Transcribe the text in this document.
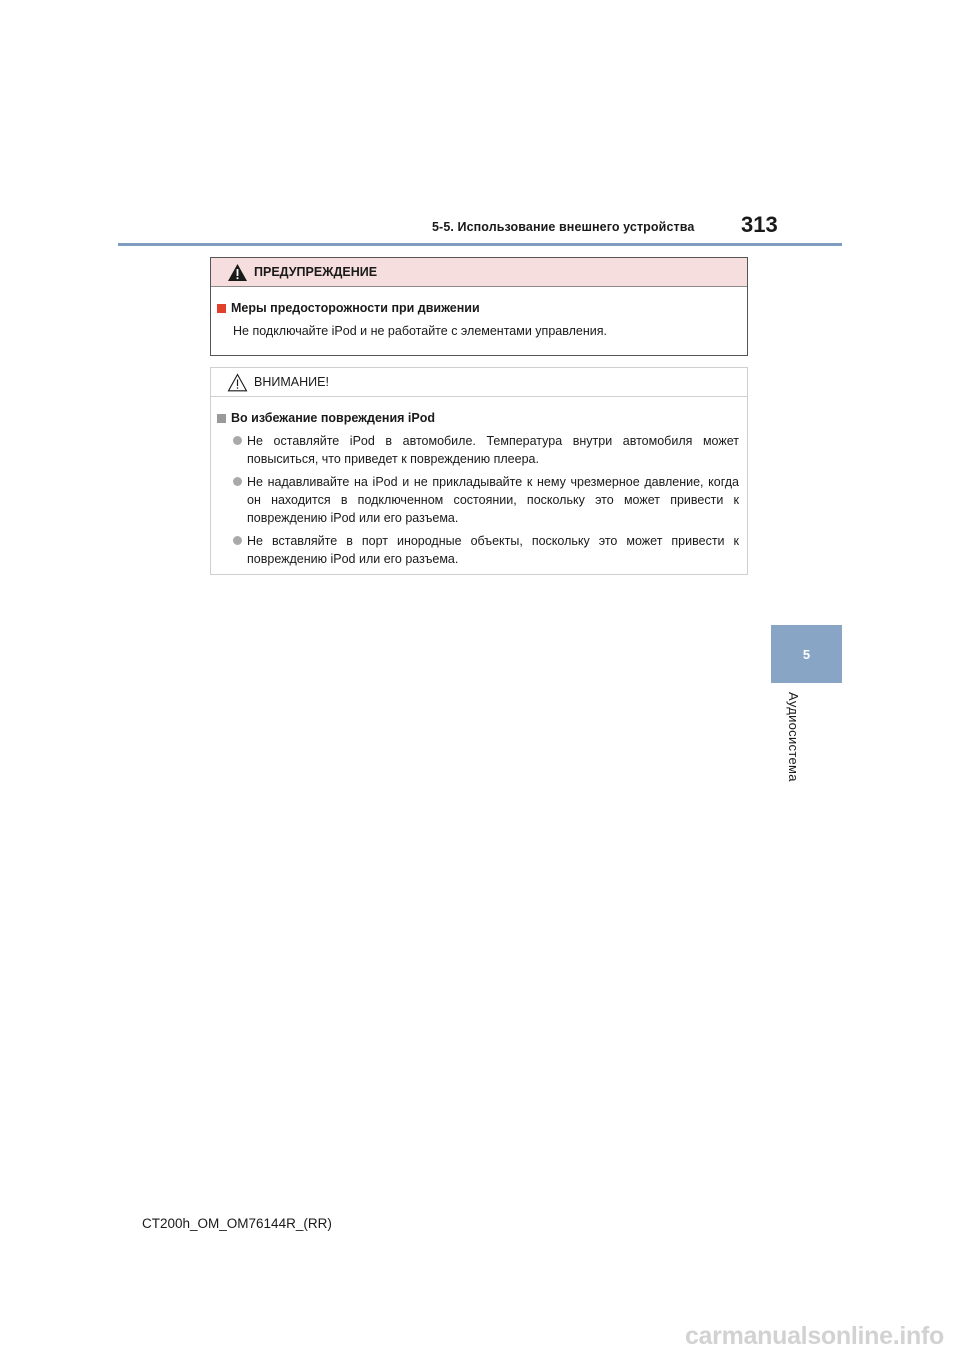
5-5. Использование внешнего устройства 313
5
Аудиосистема
ПРЕДУПРЕЖДЕНИЕ
Меры предосторожности при движении
Не подключайте iPod и не работайте с элементами управления.
ВНИМАНИЕ!
Во избежание повреждения iPod
Не оставляйте iPod в автомобиле. Температура внутри автомобиля может повыситься, что приведет к повреждению плеера.
Не надавливайте на iPod и не прикладывайте к нему чрезмерное давление, когда он находится в подключенном состоянии, поскольку это может привести к повреждению iPod или его разъема.
Не вставляйте в порт инородные объекты, поскольку это может привести к повреждению iPod или его разъема.
CT200h_OM_OM76144R_(RR)
carmanualsonline.info
